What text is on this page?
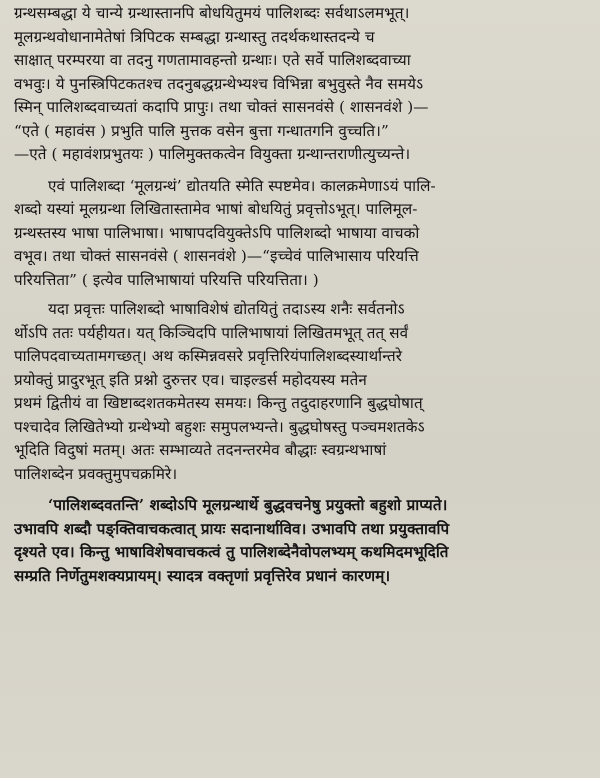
ग्रन्थसम्बद्धा ये चान्ये ग्रन्थास्तानपि बोधयितुमयं पालिशब्दः सर्वथाऽलमभूत्।
मूलग्रन्थवोधानामेतेषां त्रिपिटक सम्बद्धा ग्रन्थास्तु तदर्थकथास्तदन्ये च
साक्षात् परम्परया वा तदनु गणतामावहन्तो ग्रन्थाः। एते सर्वे पालिशब्दवाच्या
वभवुः। ये पुनस्त्रिपिटकतश्च तदनुबद्धग्रन्थेभ्यश्च विभिन्ना बभुवुस्ते नैव समयेऽ
स्मिन् पालिशब्दवाच्यतां कदापि प्रापुः। तथा चोक्तं सासनवंसे ( शासनवंशे )—
“एते ( महावंस ) प्रभुति पालि मुत्तक वसेन बुत्ता गन्धातगनि वुच्चति।”
—एते ( महावंशप्रभुतयः ) पालिमुक्तकत्वेन वियुक्ता ग्रन्थान्तराणीत्युच्यन्ते।
एवं पालिशब्दा ‘मूलग्रन्थं’ द्योतयति स्मेति स्पष्टमेव। कालक्रमेणाऽयं पालि-
शब्दो यस्यां मूलग्रन्था लिखितास्तामेव भाषां बोधयितुं प्रवृत्तोऽभूत्। पालिमूल-
ग्रन्थस्तस्य भाषा पालिभाषा। भाषापदवियुक्तेऽपि पालिशब्दो भाषाया वाचको
वभूव। तथा चोक्तं सासनवंसे ( शासनवंशे )—“इच्चेवं पालिभासाय परियत्ति
परियत्तिता” ( इत्येव पालिभाषायां परियत्ति परियत्तिता। )
यदा प्रवृत्तः पालिशब्दो भाषाविशेषं द्योतयितुं तदाऽस्य शनैः सर्वतनोऽ
र्थोऽपि ततः पर्यहीयत। यत् किञ्चिदपि पालिभाषायां लिखितमभूत् तत् सर्वं
पालिपदवाच्यतामगच्छत्। अथ कस्मिन्नवसरे प्रवृत्तिरियंपालिशब्दस्यार्थान्तरे
प्रयोक्तुं प्रादुरभूत् इति प्रश्नो दुरुत्तर एव। चाइल्डर्स महोदयस्य मतेन
प्रथमं द्वितीयं वा खिष्टाब्दशतकमेतस्य समयः। किन्तु तदुदाहरणानि बुद्धघोषात्
पश्चादेव लिखितेभ्यो ग्रन्थेभ्यो बहुशः समुपलभ्यन्ते। बुद्धघोषस्तु पञ्चमशतकेऽ
भूदिति विदुषां मतम्। अतः सम्भाव्यते तदनन्तरमेव बौद्धाः स्वग्रन्थभाषां
पालिशब्देन प्रवक्तुमुपचक्रमिरे।
‘पालिशब्दवतन्ति’ शब्दोऽपि मूलग्रन्थार्थे बुद्धवचनेषु प्रयुक्तो बहुशो प्राप्यते।
उभावपि शब्दौ पङ्क्तिवाचकत्वात् प्रायः सदानार्थाविव। उभावपि तथा प्रयुक्तावपि
दृश्यते एव। किन्तु भाषाविशेषवाचकत्वं तु पालिशब्देनैवोपलभ्यम् कथमिदमभूदिति
सम्प्रति निर्णेतुमशक्यप्रायम्। स्यादत्र वक्तृणां प्रवृत्तिरेव प्रधानं कारणम्।
